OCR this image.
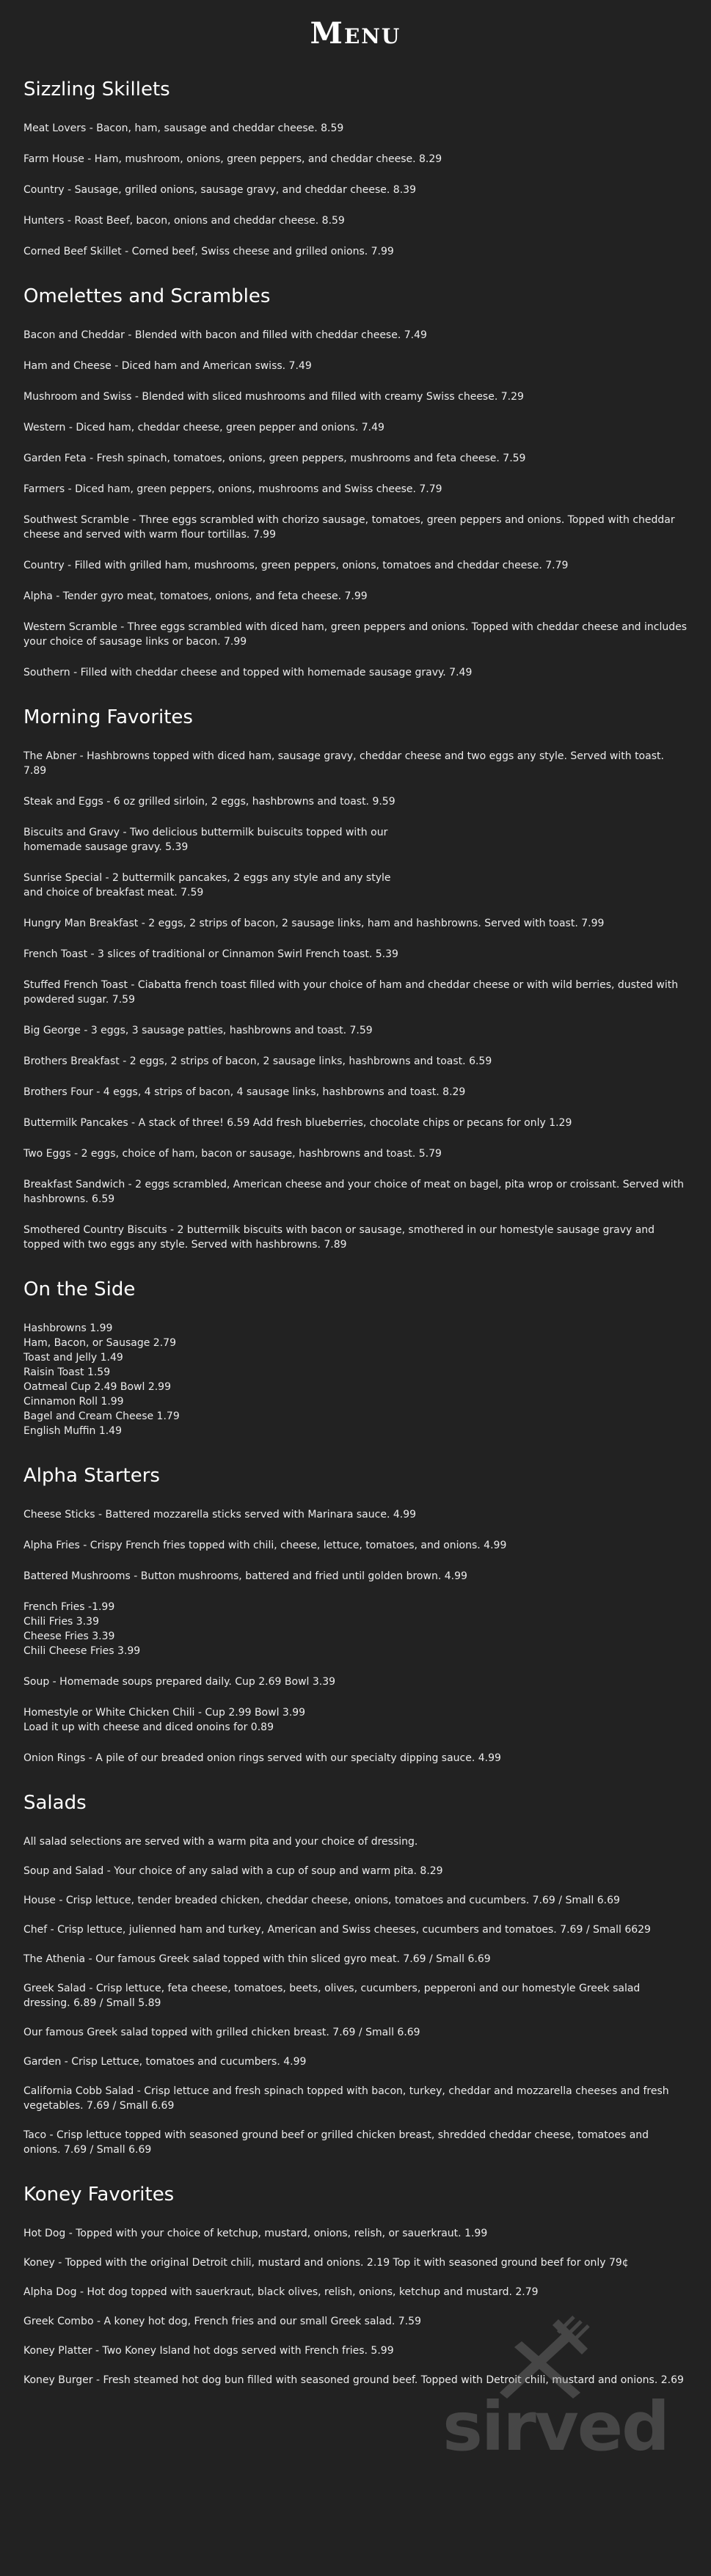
Menu
Sizzling Skillets

Meat Lovers - Bacon, ham, sausage and cheddar cheese. 8.59

Farm House - Ham, mushroom, onions, green peppers, and cheddar cheese. 8.29

Country - Sausage, grilled onions, sausage gravy, and cheddar cheese. 8.39

Hunters - Roast Beef, bacon, onions and cheddar cheese. 8.59

Corned Beef Skillet - Corned beef, Swiss cheese and grilled onions. 7.99

Omelettes and Scrambles

Bacon and Cheddar - Blended with bacon and filled with cheddar cheese. 7.49

Ham and Cheese - Diced ham and American swiss. 7.49

Mushroom and Swiss - Blended with sliced mushrooms and filled with creamy Swiss cheese. 7.29

Western - Diced ham, cheddar cheese, green pepper and onions. 7.49

Garden Feta - Fresh spinach, tomatoes, onions, green peppers, mushrooms and feta cheese. 7.59

Farmers - Diced ham, green peppers, onions, mushrooms and Swiss cheese. 7.79

Southwest Scramble - Three eggs scrambled with chorizo sausage, tomatoes, green peppers and onions. Topped with cheddar cheese and served with warm flour tortillas. 7.99

Country - Filled with grilled ham, mushrooms, green peppers, onions, tomatoes and cheddar cheese. 7.79

Alpha - Tender gyro meat, tomatoes, onions, and feta cheese. 7.99

Western Scramble - Three eggs scrambled with diced ham, green peppers and onions. Topped with cheddar cheese and includes your choice of sausage links or bacon. 7.99

Southern - Filled with cheddar cheese and topped with homemade sausage gravy. 7.49

Morning Favorites

The Abner - Hashbrowns topped with diced ham, sausage gravy, cheddar cheese and two eggs any style. Served with toast. 7.89

Steak and Eggs - 6 oz grilled sirloin, 2 eggs, hashbrowns and toast. 9.59

Biscuits and Gravy - Two delicious buttermilk buiscuits topped with our
homemade sausage gravy. 5.39

Sunrise Special - 2 buttermilk pancakes, 2 eggs any style and any style
and choice of breakfast meat. 7.59

Hungry Man Breakfast - 2 eggs, 2 strips of bacon, 2 sausage links, ham and hashbrowns. Served with toast. 7.99

French Toast - 3 slices of traditional or Cinnamon Swirl French toast. 5.39

Stuffed French Toast - Ciabatta french toast filled with your choice of ham and cheddar cheese or with wild berries, dusted with powdered sugar. 7.59

Big George - 3 eggs, 3 sausage patties, hashbrowns and toast. 7.59

Brothers Breakfast - 2 eggs, 2 strips of bacon, 2 sausage links, hashbrowns and toast. 6.59

Brothers Four - 4 eggs, 4 strips of bacon, 4 sausage links, hashbrowns and toast. 8.29

Buttermilk Pancakes - A stack of three! 6.59 Add fresh blueberries, chocolate chips or pecans for only 1.29

Two Eggs - 2 eggs, choice of ham, bacon or sausage, hashbrowns and toast. 5.79

Breakfast Sandwich - 2 eggs scrambled, American cheese and your choice of meat on bagel, pita wrop or croissant. Served with hashbrowns. 6.59

Smothered Country Biscuits - 2 buttermilk biscuits with bacon or sausage, smothered in our homestyle sausage gravy and topped with two eggs any style. Served with hashbrowns. 7.89

On the Side

Hashbrowns 1.99

Ham, Bacon, or Sausage 2.79

Toast and Jelly 1.49

Raisin Toast 1.59

Oatmeal Cup 2.49 Bowl 2.99

Cinnamon Roll 1.99

Bagel and Cream Cheese 1.79

English Muffin 1.49

Alpha Starters

Cheese Sticks - Battered mozzarella sticks served with Marinara sauce. 4.99

Alpha Fries - Crispy French fries topped with chili, cheese, lettuce, tomatoes, and onions. 4.99

Battered Mushrooms - Button mushrooms, battered and fried until golden brown. 4.99

French Fries -1.99
Chili Fries 3.39
Cheese Fries 3.39
Chili Cheese Fries 3.99

Soup - Homemade soups prepared daily. Cup 2.69 Bowl 3.39

Homestyle or White Chicken Chili - Cup 2.99 Bowl 3.99
Load it up with cheese and diced onoins for 0.89

Onion Rings - A pile of our breaded onion rings served with our specialty dipping sauce. 4.99

Salads

All salad selections are served with a warm pita and your choice of dressing.

Soup and Salad - Your choice of any salad with a cup of soup and warm pita. 8.29

House - Crisp lettuce, tender breaded chicken, cheddar cheese, onions, tomatoes and cucumbers. 7.69 / Small 6.69

Chef - Crisp lettuce, julienned ham and turkey, American and Swiss cheeses, cucumbers and tomatoes. 7.69 / Small 6629

The Athenia - Our famous Greek salad topped with thin sliced gyro meat. 7.69 / Small 6.69

Greek Salad - Crisp lettuce, feta cheese, tomatoes, beets, olives, cucumbers, pepperoni and our homestyle Greek salad dressing. 6.89 / Small 5.89

Our famous Greek salad topped with grilled chicken breast. 7.69 / Small 6.69

Garden - Crisp Lettuce, tomatoes and cucumbers. 4.99

California Cobb Salad - Crisp lettuce and fresh spinach topped with bacon, turkey, cheddar and mozzarella cheeses and fresh vegetables. 7.69 / Small 6.69

Taco - Crisp lettuce topped with seasoned ground beef or grilled chicken breast, shredded cheddar cheese, tomatoes and onions. 7.69 / Small 6.69

Koney Favorites

Hot Dog - Topped with your choice of ketchup, mustard, onions, relish, or sauerkraut. 1.99

Koney - Topped with the original Detroit chili, mustard and onions. 2.19 Top it with seasoned ground beef for only 79¢

Alpha Dog - Hot dog topped with sauerkraut, black olives, relish, onions, ketchup and mustard. 2.79

Greek Combo - A koney hot dog, French fries and our small Greek salad. 7.59

Koney Platter - Two Koney Island hot dogs served with French fries. 5.99

Koney Burger - Fresh steamed hot dog bun filled with seasoned ground beef. Topped with Detroit chili, mustard and onions. 2.69

sirved
